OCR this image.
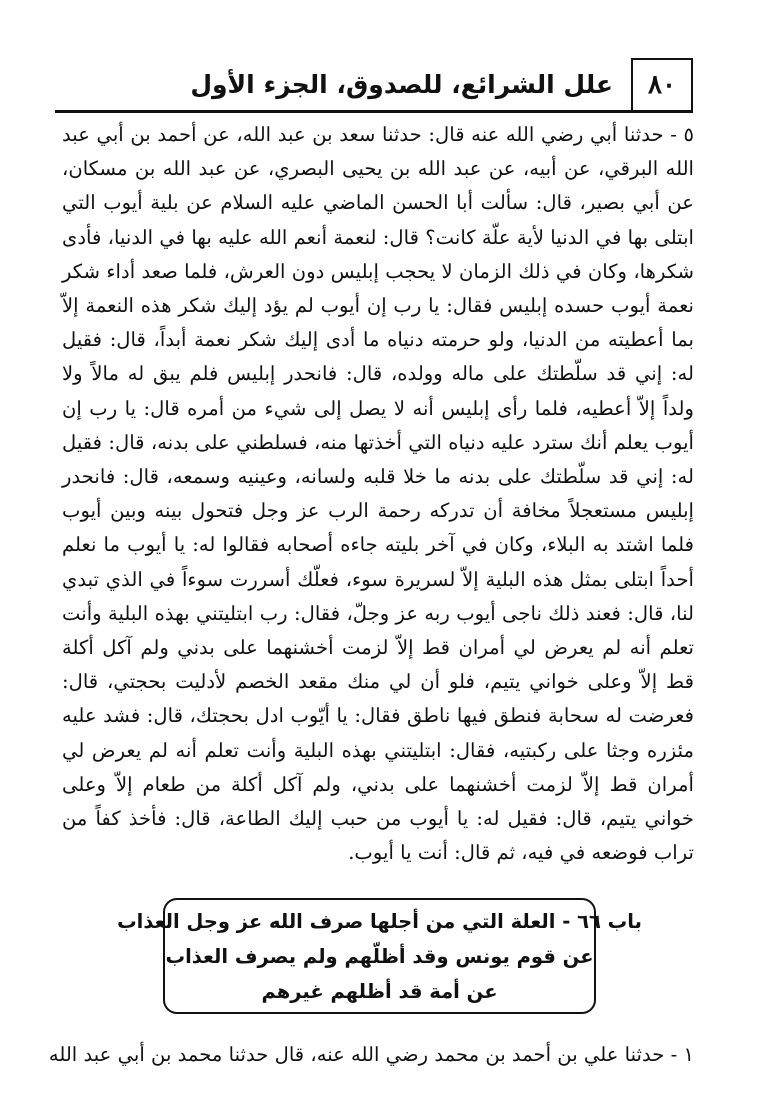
٨٠
علل الشرائع، للصدوق، الجزء الأول

٥ - حدثنا أبي رضي الله عنه قال: حدثنا سعد بن عبد الله، عن أحمد بن أبي عبد الله البرقي، عن أبيه، عن عبد الله بن يحيى البصري، عن عبد الله بن مسكان، عن أبي بصير، قال: سألت أبا الحسن الماضي عليه السلام عن بلية أيوب التي ابتلى بها في الدنيا لأية علّة كانت؟ قال: لنعمة أنعم الله عليه بها في الدنيا، فأدى شكرها، وكان في ذلك الزمان لا يحجب إبليس دون العرش، فلما صعد أداء شكر نعمة أيوب حسده إبليس فقال: يا رب إن أيوب لم يؤد إليك شكر هذه النعمة إلاّ بما أعطيته من الدنيا، ولو حرمته دنياه ما أدى إليك شكر نعمة أبداً، قال: فقيل له: إني قد سلّطتك على ماله وولده، قال: فانحدر إبليس فلم يبق له مالاً ولا ولداً إلاّ أعطيه، فلما رأى إبليس أنه لا يصل إلى شيء من أمره قال: يا رب إن أيوب يعلم أنك سترد عليه دنياه التي أخذتها منه، فسلطني على بدنه، قال: فقيل له: إني قد سلّطتك على بدنه ما خلا قلبه ولسانه، وعينيه وسمعه، قال: فانحدر إبليس مستعجلاً مخافة أن تدركه رحمة الرب عز وجل فتحول بينه وبين أيوب فلما اشتد به البلاء، وكان في آخر بليته جاءه أصحابه فقالوا له: يا أيوب ما نعلم أحداً ابتلى بمثل هذه البلية إلاّ لسريرة سوء، فعلّك أسررت سوءاً في الذي تبدي لنا، قال: فعند ذلك ناجى أيوب ربه عز وجلّ، فقال: رب ابتليتني بهذه البلية وأنت تعلم أنه لم يعرض لي أمران قط إلاّ لزمت أخشنهما على بدني ولم آكل أكلة قط إلاّ وعلى خواني يتيم، فلو أن لي منك مقعد الخصم لأدليت بحجتي، قال: فعرضت له سحابة فنطق فيها ناطق فقال: يا أيّوب ادل بحجتك، قال: فشد عليه مئزره وجثا على ركبتيه، فقال: ابتليتني بهذه البلية وأنت تعلم أنه لم يعرض لي أمران قط إلاّ لزمت أخشنهما على بدني، ولم آكل أكلة من طعام إلاّ وعلى خواني يتيم، قال: فقيل له: يا أيوب من حبب إليك الطاعة، قال: فأخذ كفاً من تراب فوضعه في فيه، ثم قال: أنت يا أيوب.

باب ٦٦ - العلة التي من أجلها صرف الله عز وجل العذاب
عن قوم يونس وقد أظلّهم ولم يصرف العذاب
عن أمة قد أظلهم غيرهم
١ - حدثنا علي بن أحمد بن محمد رضي الله عنه، قال حدثنا محمد بن أبي عبد الله
